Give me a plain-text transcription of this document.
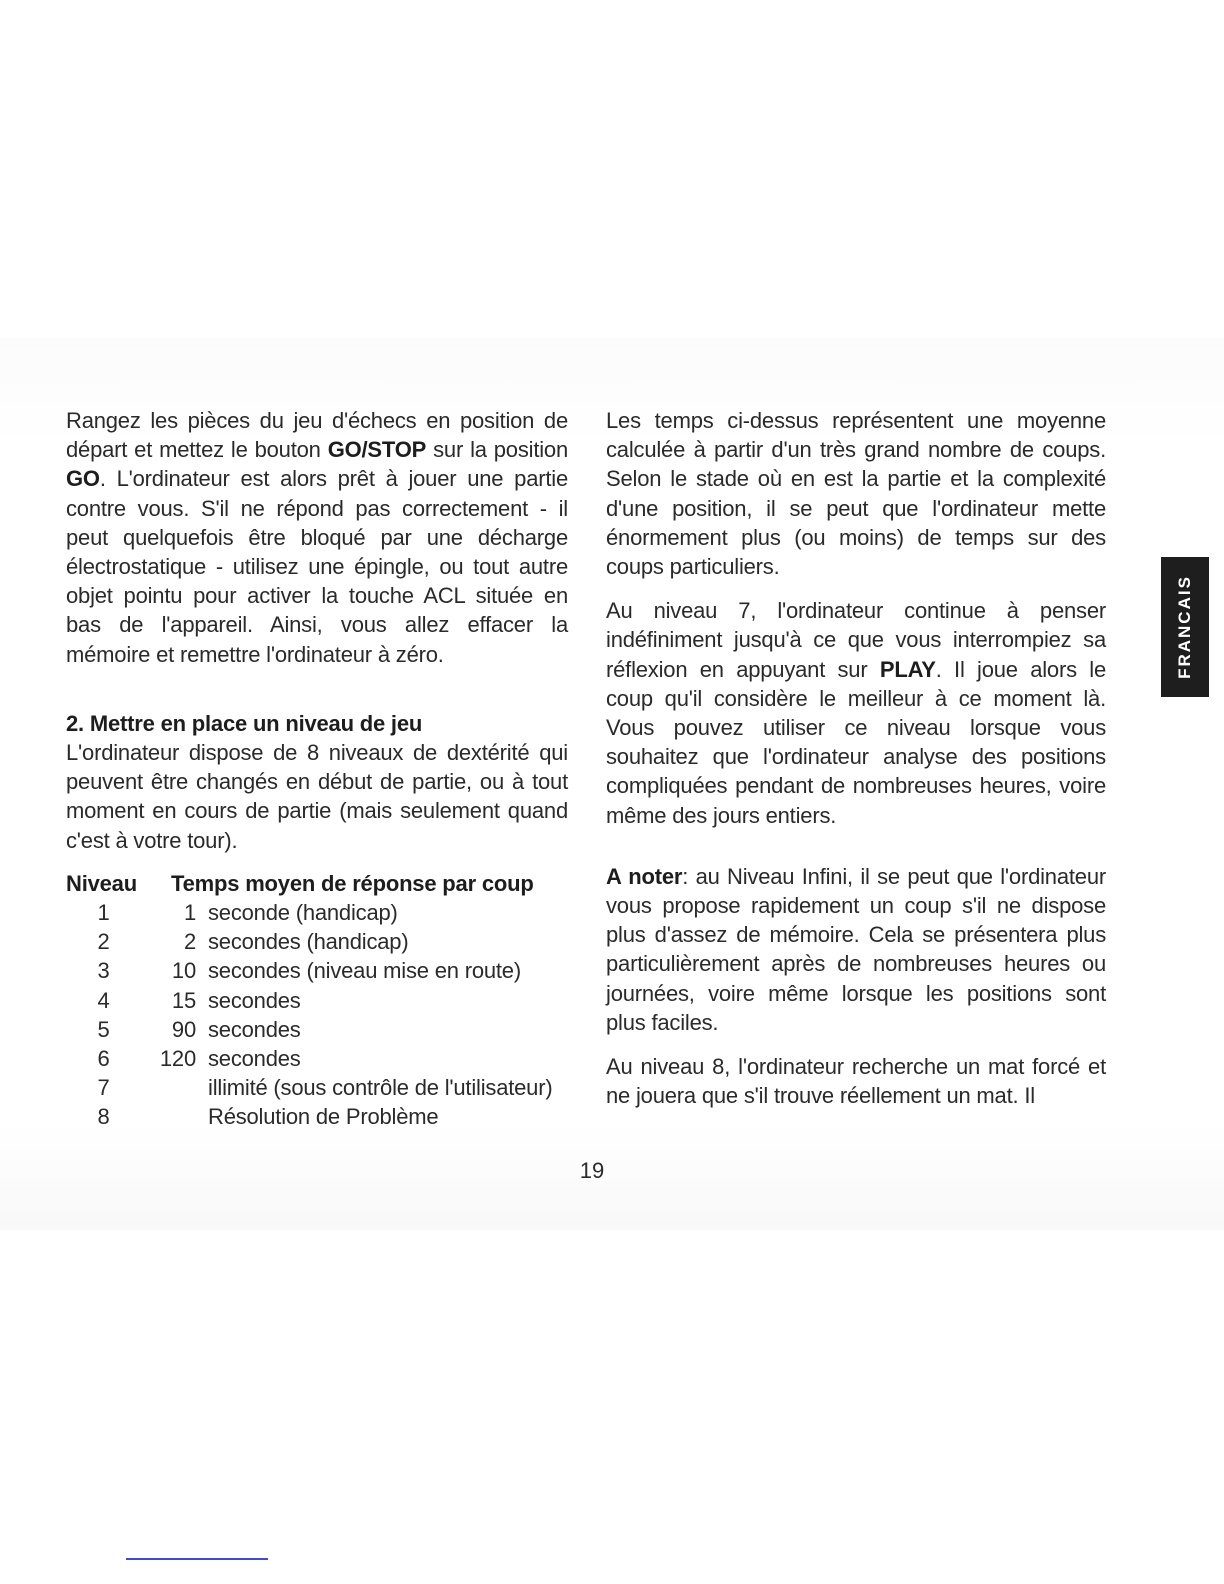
Rangez les pièces du jeu d'échecs en position de départ et mettez le bouton GO/STOP sur la position GO. L'ordinateur est alors prêt à jouer une partie contre vous. S'il ne répond pas correctement - il peut quelquefois être bloqué par une décharge électrostatique - utilisez une épingle, ou tout autre objet pointu pour activer la touche ACL située en bas de l'appareil. Ainsi, vous allez effacer la mémoire et remettre l'ordinateur à zéro.

2. Mettre en place un niveau de jeu

L'ordinateur dispose de 8 niveaux de dextérité qui peuvent être changés en début de partie, ou à tout moment en cours de partie (mais seulement quand c'est à votre tour).

Niveau	Temps moyen de réponse par coup
1	1 seconde (handicap)
2	2 secondes (handicap)
3	10 secondes (niveau mise en route)
4	15 secondes
5	90 secondes
6	120 secondes
7	illimité (sous contrôle de l'utilisateur)
8	Résolution de Problème

Les temps ci-dessus représentent une moyenne calculée à partir d'un très grand nombre de coups. Selon le stade où en est la partie et la complexité d'une position, il se peut que l'ordinateur mette énormement plus (ou moins) de temps sur des coups particuliers.

Au niveau 7, l'ordinateur continue à penser indéfiniment jusqu'à ce que vous interrompiez sa réflexion en appuyant sur PLAY. Il joue alors le coup qu'il considère le meilleur à ce moment là. Vous pouvez utiliser ce niveau lorsque vous souhaitez que l'ordinateur analyse des positions compliquées pendant de nombreuses heures, voire même des jours entiers.

A noter: au Niveau Infini, il se peut que l'ordinateur vous propose rapidement un coup s'il ne dispose plus d'assez de mémoire. Cela se présentera plus particulièrement après de nombreuses heures ou journées, voire même lorsque les positions sont plus faciles.

Au niveau 8, l'ordinateur recherche un mat forcé et ne jouera que s'il trouve réellement un mat. Il

19
FRANCAIS
